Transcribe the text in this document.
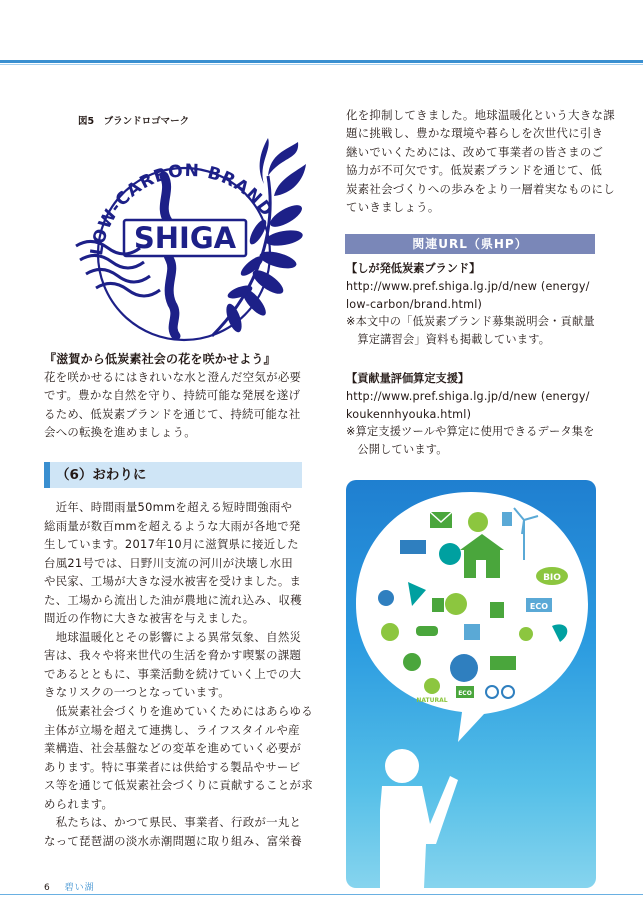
図5　ブランドロゴマーク
LOW-CARBON BRAND
SHIGA
『滋賀から低炭素社会の花を咲かせよう』
花を咲かせるにはきれいな水と澄んだ空気が必要
です。豊かな自然を守り、持続可能な発展を遂げ
るため、低炭素ブランドを通じて、持続可能な社
会への転換を進めましょう。
（6）おわりに
　近年、時間雨量50mmを超える短時間強雨や
総雨量が数百mmを超えるような大雨が各地で発
生しています。2017年10月に滋賀県に接近した
台風21号では、日野川支流の河川が決壊し水田
や民家、工場が大きな浸水被害を受けました。ま
た、工場から流出した油が農地に流れ込み、収穫
間近の作物に大きな被害を与えました。
　地球温暖化とその影響による異常気象、自然災
害は、我々や将来世代の生活を脅かす喫緊の課題
であるとともに、事業活動を続けていく上での大
きなリスクの一つとなっています。
　低炭素社会づくりを進めていくためにはあらゆる
主体が立場を超えて連携し、ライフスタイルや産
業構造、社会基盤などの変革を進めていく必要が
あります。特に事業者には供給する製品やサービ
ス等を通じて低炭素社会づくりに貢献することが求
められます。
　私たちは、かつて県民、事業者、行政が一丸と
なって琵琶湖の淡水赤潮問題に取り組み、富栄養
化を抑制してきました。地球温暖化という大きな課
題に挑戦し、豊かな環境や暮らしを次世代に引き
継いでいくためには、改めて事業者の皆さまのご
協力が不可欠です。低炭素ブランドを通じて、低
炭素社会づくりへの歩みをより一層着実なものにし
ていきましょう。
関連URL（県HP）
【しが発低炭素ブランド】
http://www.pref.shiga.lg.jp/d/new (energy/
low-carbon/brand.html)
※本文中の「低炭素ブランド募集説明会・貢献量
　算定講習会」資料も掲載しています。
【貢献量評価算定支援】
http://www.pref.shiga.lg.jp/d/new (energy/
koukennhyouka.html)
※算定支援ツールや算定に使用できるデータ集を
　公開しています。
BIO
ECO
NATURAL
ECO
6 碧い湖
